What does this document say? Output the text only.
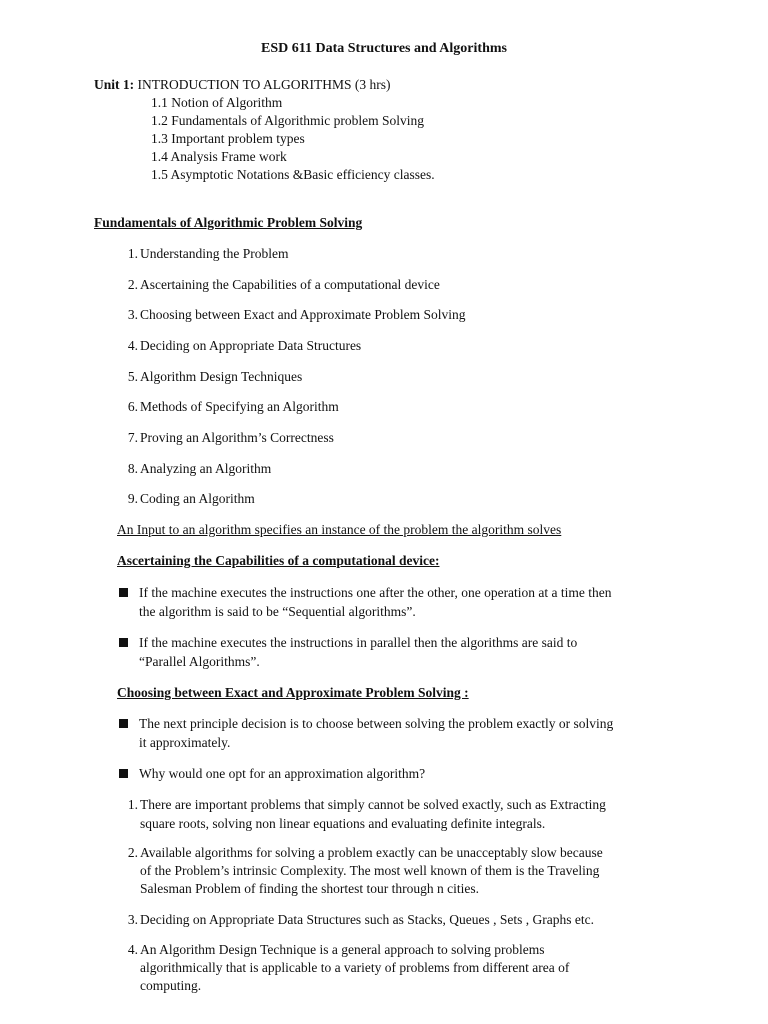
ESD 611 Data Structures and Algorithms
Unit 1: INTRODUCTION TO ALGORITHMS (3 hrs)
1.1 Notion of Algorithm
1.2 Fundamentals of Algorithmic problem Solving
1.3 Important problem types
1.4 Analysis Frame work
1.5 Asymptotic Notations &Basic efficiency classes.
Fundamentals of Algorithmic Problem Solving
1. Understanding the Problem
2. Ascertaining the Capabilities of a computational device
3. Choosing between Exact and Approximate Problem Solving
4. Deciding on Appropriate Data Structures
5. Algorithm Design Techniques
6. Methods of Specifying an Algorithm
7. Proving an Algorithm’s Correctness
8. Analyzing an Algorithm
9. Coding an Algorithm
An Input to an algorithm specifies an instance of the problem the algorithm solves
Ascertaining the Capabilities of a computational device:
If the machine executes the instructions one after the other, one operation at a time then
the algorithm is said to be “Sequential algorithms”.
If the machine executes the instructions in parallel then the algorithms are said to
“Parallel Algorithms”.
Choosing between Exact and Approximate Problem Solving :
The next principle decision is to choose between solving the problem exactly or solving
it approximately.
Why would one opt for an approximation algorithm?
1. There are important problems that simply cannot be solved exactly, such as Extracting
square roots, solving non linear equations and evaluating definite integrals.
2. Available algorithms for solving a problem exactly can be unacceptably slow because
of the Problem’s intrinsic Complexity. The most well known of them is the Traveling
Salesman Problem of finding the shortest tour through n cities.
3. Deciding on Appropriate Data Structures such as Stacks, Queues , Sets , Graphs etc.
4. An Algorithm Design Technique is a general approach to solving problems
algorithmically that is applicable to a variety of problems from different area of
computing.
